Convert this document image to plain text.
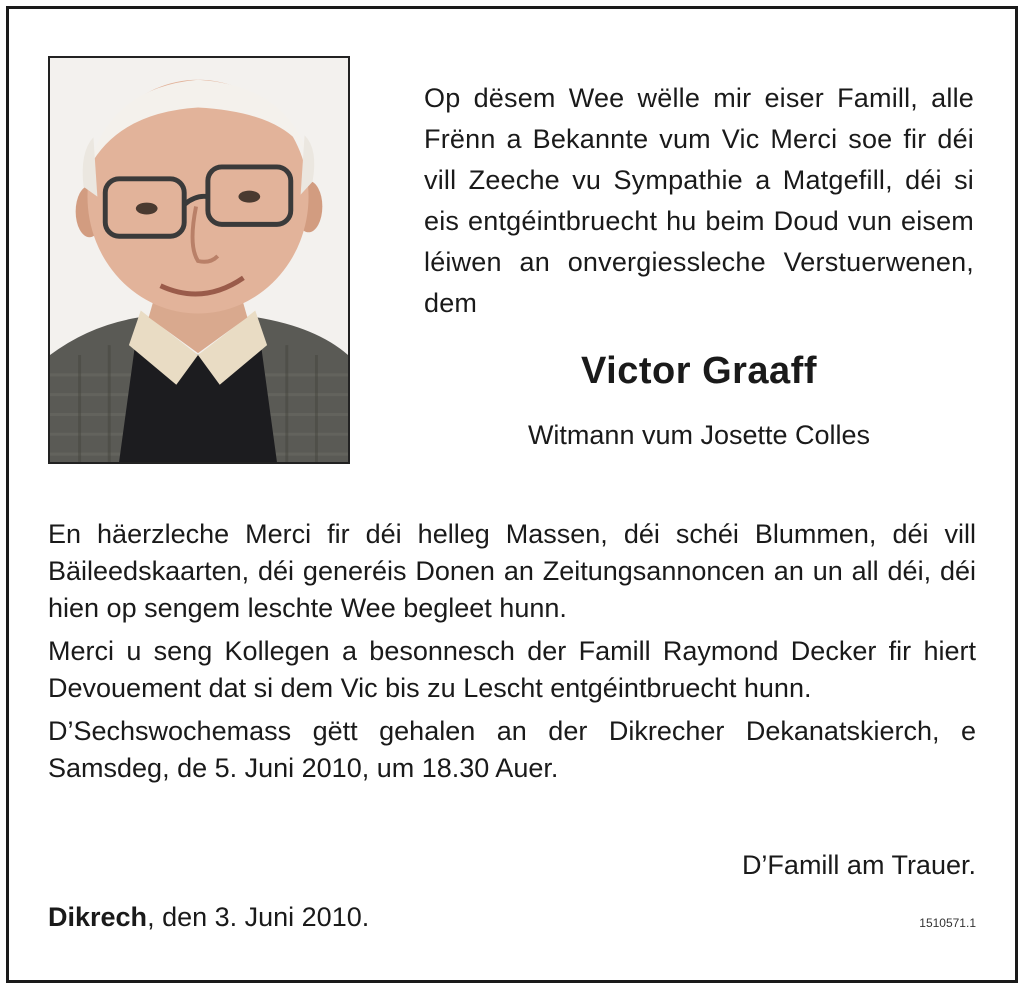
Op dësem Wee wëlle mir eiser Famill, alle Frënn a Bekannte vum Vic Merci soe fir déi vill Zeeche vu Sympathie a Matgefill, déi si eis entgéintbruecht hu beim Doud vun eisem léiwen an onvergiessleche Verstuerwenen, dem
Victor Graaff
Witmann vum Josette Colles

En häerzleche Merci fir déi helleg Massen, déi schéi Blummen, déi vill Bäileedskaarten, déi generéis Donen an Zeitungsannoncen an un all déi, déi hien op sengem leschte Wee begleet hunn.

Merci u seng Kollegen a besonnesch der Famill Raymond Decker fir hiert Devouement dat si dem Vic bis zu Lescht entgéintbruecht hunn.

D’Sechswochemass gëtt gehalen an der Dikrecher Dekanatskierch, e Samsdeg, de 5. Juni 2010, um 18.30 Auer.

D’Famill am Trauer.
Dikrech, den 3. Juni 2010.	1510571.1
